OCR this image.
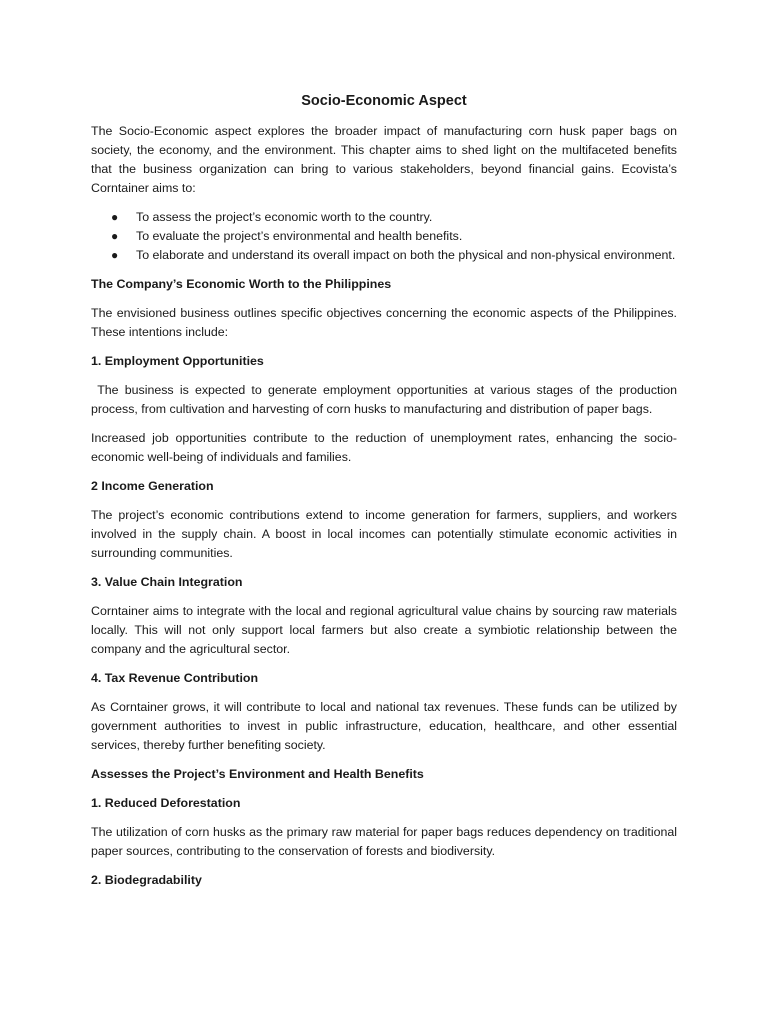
Socio-Economic Aspect

The Socio-Economic aspect explores the broader impact of manufacturing corn husk paper bags on society, the economy, and the environment. This chapter aims to shed light on the multifaceted benefits that the business organization can bring to various stakeholders, beyond financial gains. Ecovista’s Corntainer aims to:

● To assess the project’s economic worth to the country.
● To evaluate the project’s environmental and health benefits.
● To elaborate and understand its overall impact on both the physical and non-physical environment.
The Company’s Economic Worth to the Philippines

The envisioned business outlines specific objectives concerning the economic aspects of the Philippines. These intentions include:

1. Employment Opportunities

The business is expected to generate employment opportunities at various stages of the production process, from cultivation and harvesting of corn husks to manufacturing and distribution of paper bags.

Increased job opportunities contribute to the reduction of unemployment rates, enhancing the socio-economic well-being of individuals and families.

2 Income Generation

The project’s economic contributions extend to income generation for farmers, suppliers, and workers involved in the supply chain. A boost in local incomes can potentially stimulate economic activities in surrounding communities.

3. Value Chain Integration

Corntainer aims to integrate with the local and regional agricultural value chains by sourcing raw materials locally. This will not only support local farmers but also create a symbiotic relationship between the company and the agricultural sector.

4. Tax Revenue Contribution

As Corntainer grows, it will contribute to local and national tax revenues. These funds can be utilized by government authorities to invest in public infrastructure, education, healthcare, and other essential services, thereby further benefiting society.

Assesses the Project’s Environment and Health Benefits
1. Reduced Deforestation

The utilization of corn husks as the primary raw material for paper bags reduces dependency on traditional paper sources, contributing to the conservation of forests and biodiversity.

2. Biodegradability
